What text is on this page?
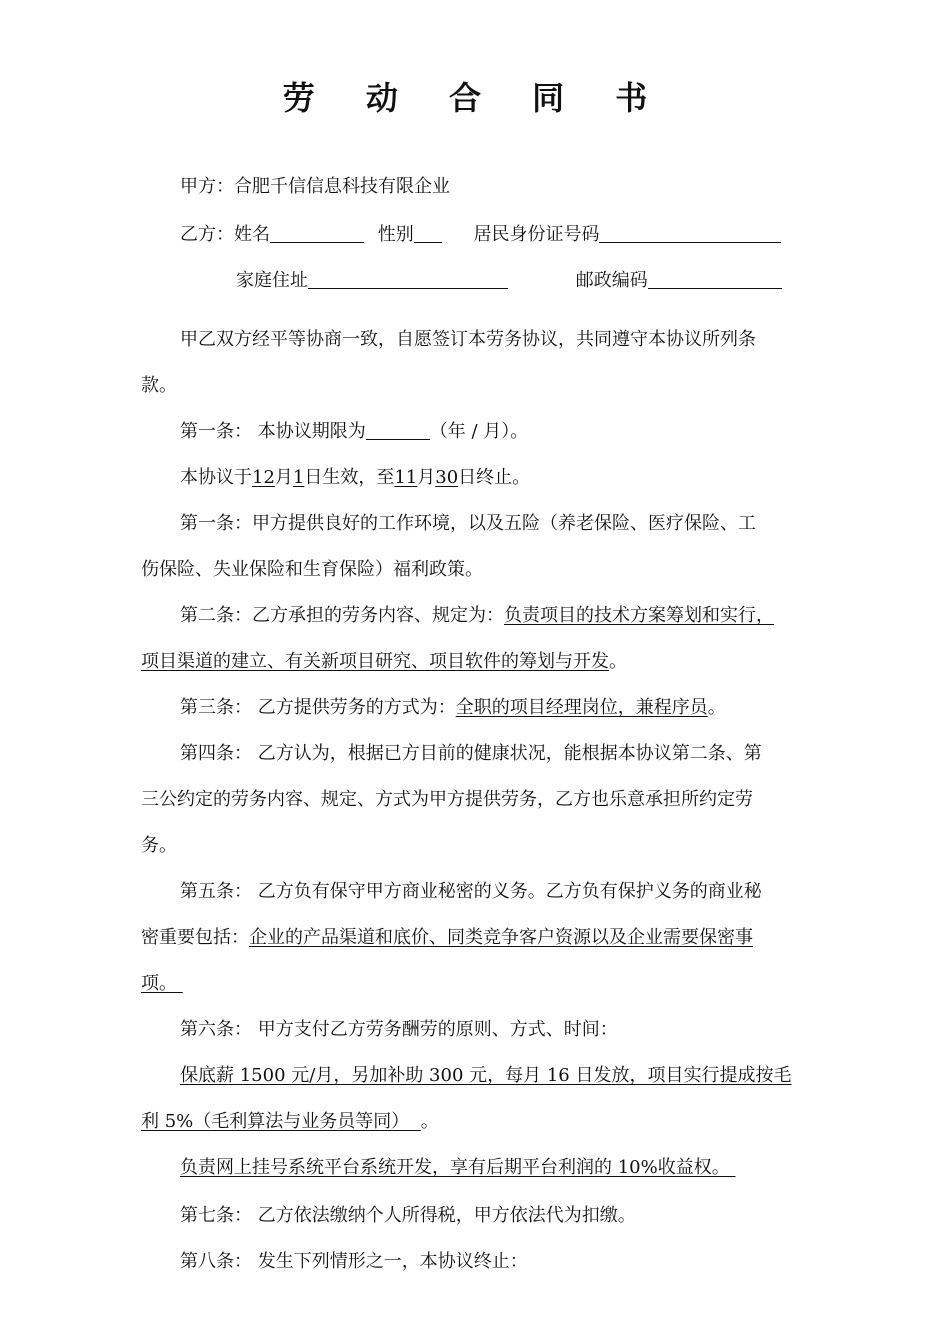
劳 动 合 同 书
甲方：合肥千信信息科技有限企业
乙方：姓名	性别	居民身份证号码
家庭住址	邮政编码
甲乙双方经平等协商一致，自愿签订本劳务协议，共同遵守本协议所列条
款。
第一条： 本协议期限为	（年 / 月）。
本协议于12月1日生效，至11月30日终止。
第一条：甲方提供良好的工作环境，以及五险（养老保险、医疗保险、工
伤保险、失业保险和生育保险）福利政策。
第二条：乙方承担的劳务内容、规定为：负责项目的技术方案筹划和实行，
项目渠道的建立、有关新项目研究、项目软件的筹划与开发。
第三条： 乙方提供劳务的方式为：全职的项目经理岗位，兼程序员。
第四条： 乙方认为，根据已方目前的健康状况，能根据本协议第二条、第
三公约定的劳务内容、规定、方式为甲方提供劳务，乙方也乐意承担所约定劳
务。
第五条： 乙方负有保守甲方商业秘密的义务。乙方负有保护义务的商业秘
密重要包括：企业的产品渠道和底价、同类竞争客户资源以及企业需要保密事
项。
第六条： 甲方支付乙方劳务酬劳的原则、方式、时间：
保底薪 1500 元/月，另加补助 300 元，每月 16 日发放，项目实行提成按毛
利 5%（毛利算法与业务员等同）  。
负责网上挂号系统平台系统开发，享有后期平台利润的 10%收益权。
第七条： 乙方依法缴纳个人所得税，甲方依法代为扣缴。
第八条： 发生下列情形之一，本协议终止：
